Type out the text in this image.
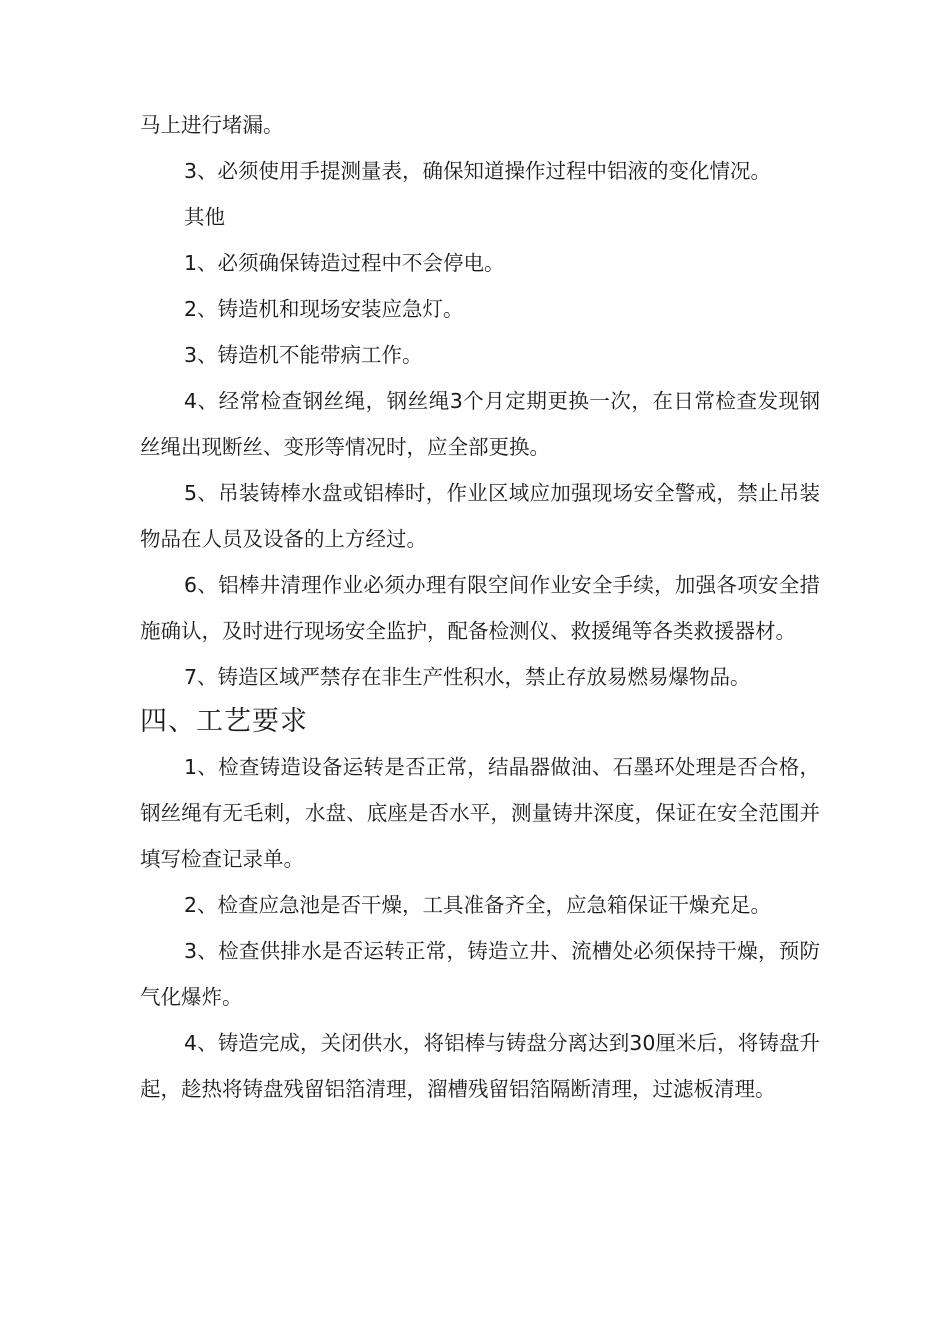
马上进行堵漏。

3、必须使用手提测量表，确保知道操作过程中铝液的变化情况。

其他

1、必须确保铸造过程中不会停电。

2、铸造机和现场安装应急灯。

3、铸造机不能带病工作。

4、经常检查钢丝绳，钢丝绳3个月定期更换一次，在日常检查发现钢丝绳出现断丝、变形等情况时，应全部更换。

5、吊装铸棒水盘或铝棒时，作业区域应加强现场安全警戒，禁止吊装物品在人员及设备的上方经过。

6、铝棒井清理作业必须办理有限空间作业安全手续，加强各项安全措施确认，及时进行现场安全监护，配备检测仪、救援绳等各类救援器材。

7、铸造区域严禁存在非生产性积水，禁止存放易燃易爆物品。

四、工艺要求

1、检查铸造设备运转是否正常，结晶器做油、石墨环处理是否合格，钢丝绳有无毛刺，水盘、底座是否水平，测量铸井深度，保证在安全范围并填写检查记录单。

2、检查应急池是否干燥，工具准备齐全，应急箱保证干燥充足。

3、检查供排水是否运转正常，铸造立井、流槽处必须保持干燥，预防气化爆炸。

4、铸造完成，关闭供水，将铝棒与铸盘分离达到30厘米后，将铸盘升起，趁热将铸盘残留铝箔清理，溜槽残留铝箔隔断清理，过滤板清理。
